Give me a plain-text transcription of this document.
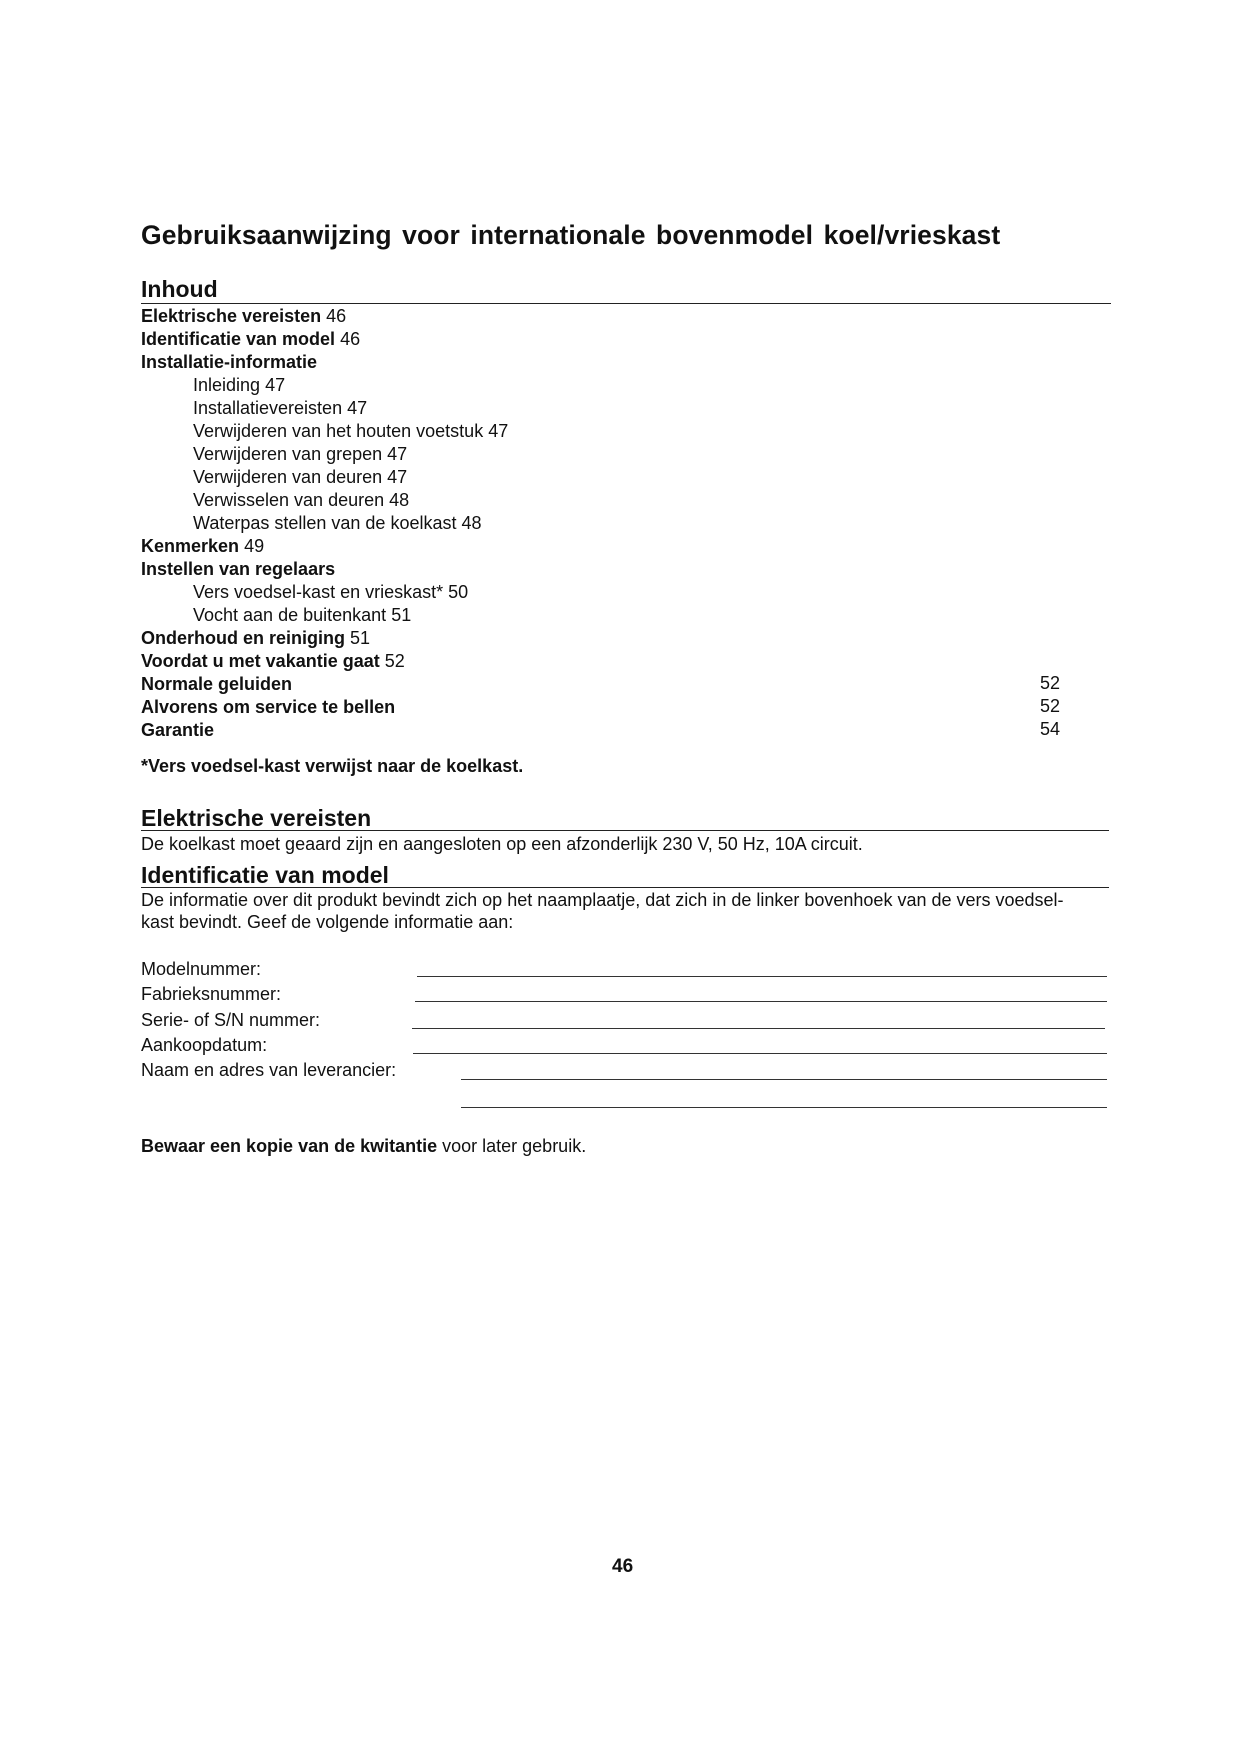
Gebruiksaanwijzing voor internationale bovenmodel koel/vrieskast
Inhoud
Elektrische vereisten 46
Identificatie van model 46
Installatie-informatie
Inleiding 47
Installatievereisten 47
Verwijderen van het houten voetstuk 47
Verwijderen van grepen 47
Verwijderen van deuren 47
Verwisselen van deuren 48
Waterpas stellen van de koelkast 48
Kenmerken 49
Instellen van regelaars
Vers voedsel-kast en vrieskast* 50
Vocht aan de buitenkant 51
Onderhoud en reiniging 51
Voordat u met vakantie gaat 52
Normale geluiden	52
Alvorens om service te bellen	52
Garantie	54
*Vers voedsel-kast verwijst naar de koelkast.
Elektrische vereisten
De koelkast moet geaard zijn en aangesloten op een afzonderlijk 230 V, 50 Hz, 10A circuit.
Identificatie van model
De informatie over dit produkt bevindt zich op het naamplaatje, dat zich in de linker bovenhoek van de vers voedsel-
kast bevindt. Geef de volgende informatie aan:
Modelnummer:
Fabrieksnummer:
Serie- of S/N nummer:
Aankoopdatum:
Naam en adres van leverancier:
Bewaar een kopie van de kwitantie voor later gebruik.
46
